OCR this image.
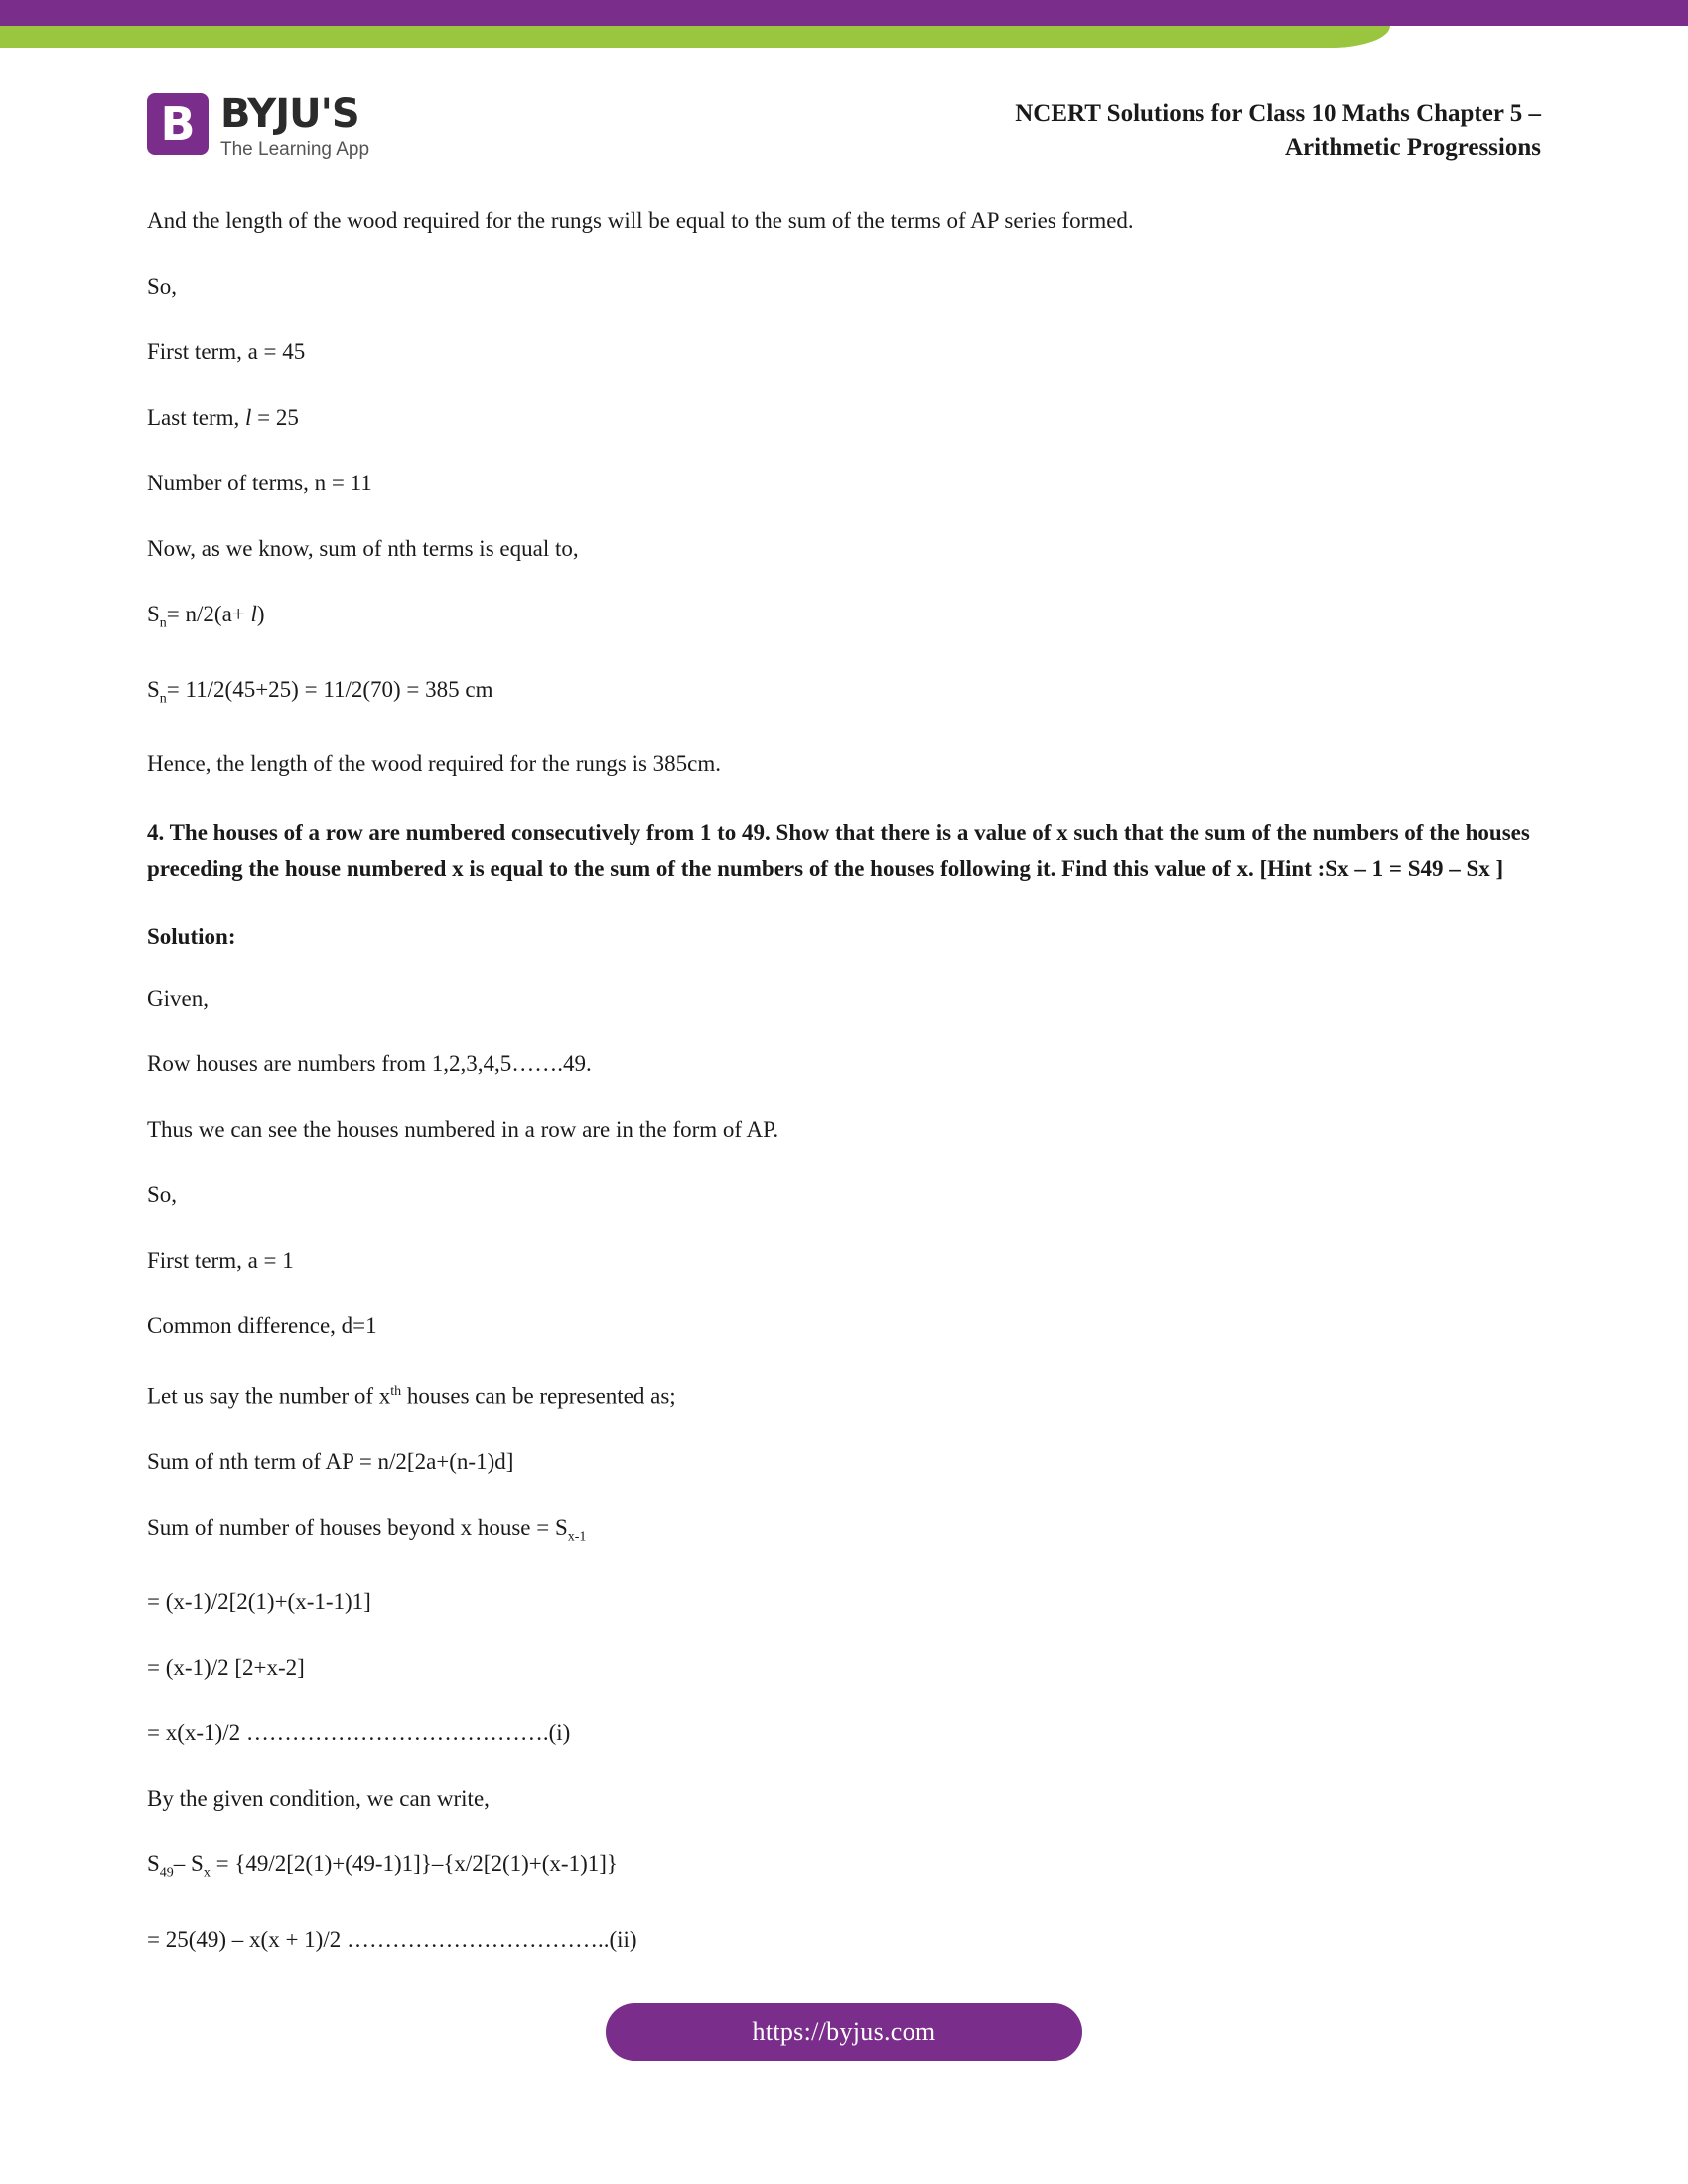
B BYJU'S
The Learning App
NCERT Solutions for Class 10 Maths Chapter 5 –
Arithmetic Progressions

And the length of the wood required for the rungs will be equal to the sum of the terms of AP series formed.

So,

First term, a = 45

Last term, l = 25

Number of terms, n = 11

Now, as we know, sum of nth terms is equal to,

$S_n= n/2(a+ l)$

$S_n= 11/2(45+25) = 11/2(70) = 385$ cm

Hence, the length of the wood required for the rungs is 385cm.

4. The houses of a row are numbered consecutively from 1 to 49. Show that there is a value of x such that the sum of the numbers of the houses preceding the house numbered x is equal to the sum of the numbers of the houses following it. Find this value of x. [Hint :Sx – 1 = S49 – Sx ]

Solution:

Given,

Row houses are numbers from 1,2,3,4,5…….49.

Thus we can see the houses numbered in a row are in the form of AP.

So,

First term, a = 1

Common difference, d=1

Let us say the number of $x^{th}$ houses can be represented as;

Sum of nth term of AP = n/2[2a+(n-1)d]

Sum of number of houses beyond x house = $S_{x-1}$

= (x-1)/2[2(1)+(x-1-1)1]

= (x-1)/2 [2+x-2]

= x(x-1)/2 ………………………………….(i)

By the given condition, we can write,

$S_{49}-$ $S_x = \{49/2[2(1)+(49-1)1]\}-\{x/2[2(1)+(x-1)1]\}$

= 25(49) – x(x + 1)/2 ……………………………..(ii)

https://byjus.com
